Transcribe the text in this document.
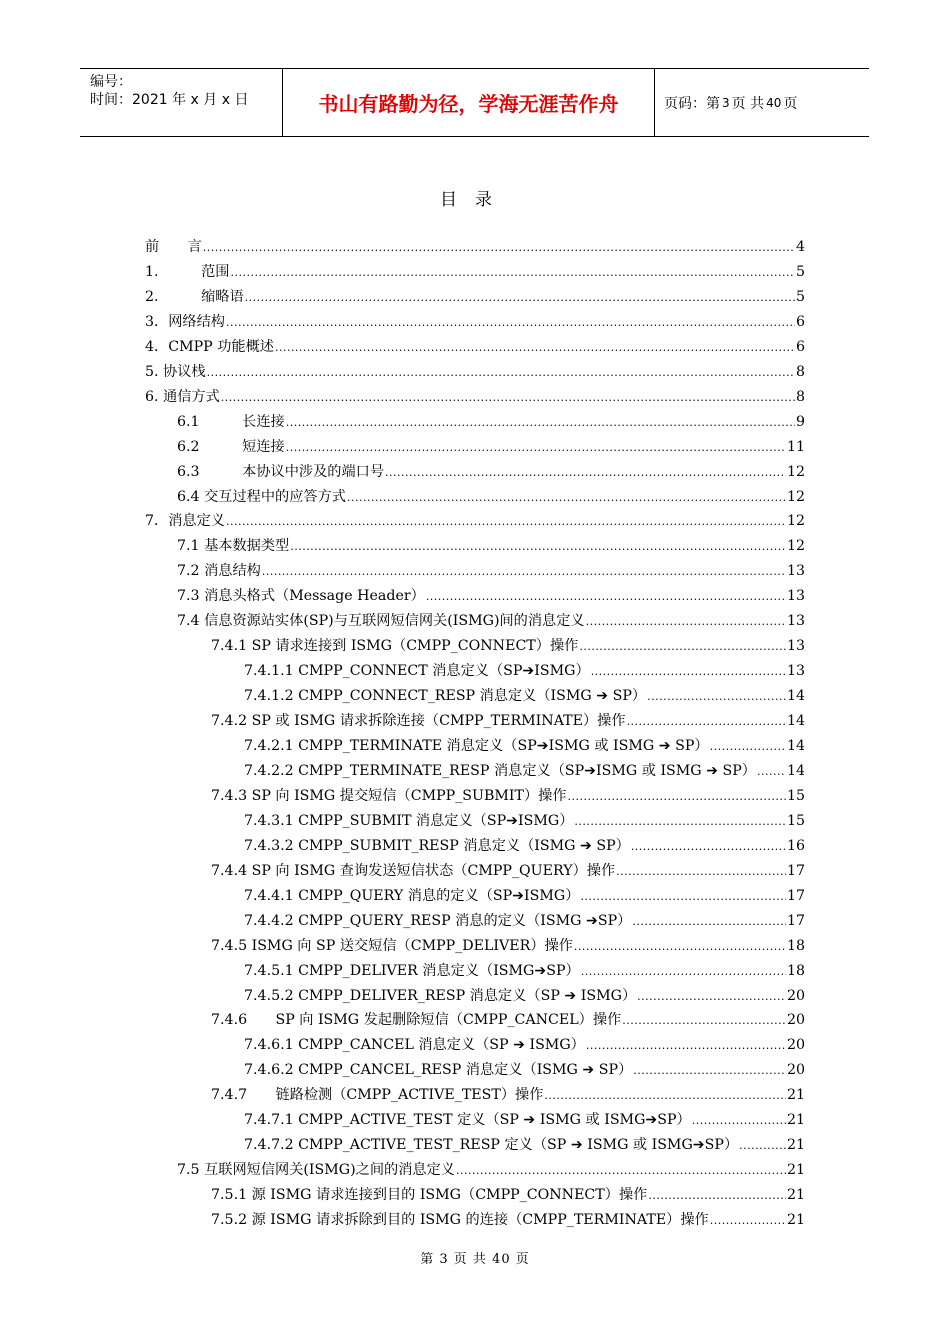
编号：
时间：2021 年 x 月 x 日	书山有路勤为径，学海无涯苦作舟	页码：第 3 页 共 40 页
目录
前　　言 .....	4
1.　　　范围 .....	5
2.　　　缩略语 .....	5
3．网络结构 .....	6
4．CMPP 功能概述 .....	6
5. 协议栈 .....	8
6. 通信方式 .....	8
6.1　　　长连接 .....	9
6.2　　　短连接 .....	11
6.3　　　本协议中涉及的端口号 .....	12
6.4 交互过程中的应答方式 .....	12
7．消息定义 .....	12
7.1 基本数据类型 .....	12
7.2 消息结构 .....	13
7.3 消息头格式（Message Header） .....	13
7.4 信息资源站实体(SP)与互联网短信网关(ISMG)间的消息定义 .....	13
7.4.1 SP 请求连接到 ISMG（CMPP_CONNECT）操作 .....	13
7.4.1.1 CMPP_CONNECT 消息定义（SP➔ISMG） .....	13
7.4.1.2 CMPP_CONNECT_RESP 消息定义（ISMG ➔ SP） .....	14
7.4.2 SP 或 ISMG 请求拆除连接（CMPP_TERMINATE）操作 .....	14
7.4.2.1 CMPP_TERMINATE 消息定义（SP➔ISMG 或 ISMG ➔ SP） .....	14
7.4.2.2 CMPP_TERMINATE_RESP 消息定义（SP➔ISMG 或 ISMG ➔ SP） ..... 14
7.4.3 SP 向 ISMG 提交短信（CMPP_SUBMIT）操作 .....	15
7.4.3.1 CMPP_SUBMIT 消息定义（SP➔ISMG） .....	15
7.4.3.2 CMPP_SUBMIT_RESP 消息定义（ISMG ➔ SP） .....	16
7.4.4 SP 向 ISMG 查询发送短信状态（CMPP_QUERY）操作 .....	17
7.4.4.1 CMPP_QUERY 消息的定义（SP➔ISMG） .....	17
7.4.4.2 CMPP_QUERY_RESP 消息的定义（ISMG ➔SP） .....	17
7.4.5 ISMG 向 SP 送交短信（CMPP_DELIVER）操作 .....	18
7.4.5.1 CMPP_DELIVER 消息定义（ISMG➔SP） .....	18
7.4.5.2 CMPP_DELIVER_RESP 消息定义（SP ➔ ISMG） .....	20
7.4.6　　SP 向 ISMG 发起删除短信（CMPP_CANCEL）操作 .....	20
7.4.6.1 CMPP_CANCEL 消息定义（SP ➔ ISMG） .....	20
7.4.6.2 CMPP_CANCEL_RESP 消息定义（ISMG ➔ SP） .....	20
7.4.7　　链路检测（CMPP_ACTIVE_TEST）操作 .....	21
7.4.7.1 CMPP_ACTIVE_TEST 定义（SP ➔ ISMG 或 ISMG➔SP） .....	21
7.4.7.2 CMPP_ACTIVE_TEST_RESP 定义（SP ➔ ISMG 或 ISMG➔SP） .....	21
7.5 互联网短信网关(ISMG)之间的消息定义 .....	21
7.5.1 源 ISMG 请求连接到目的 ISMG（CMPP_CONNECT）操作 .....	21
7.5.2 源 ISMG 请求拆除到目的 ISMG 的连接（CMPP_TERMINATE）操作 .....	21
第 3 页 共 40 页
